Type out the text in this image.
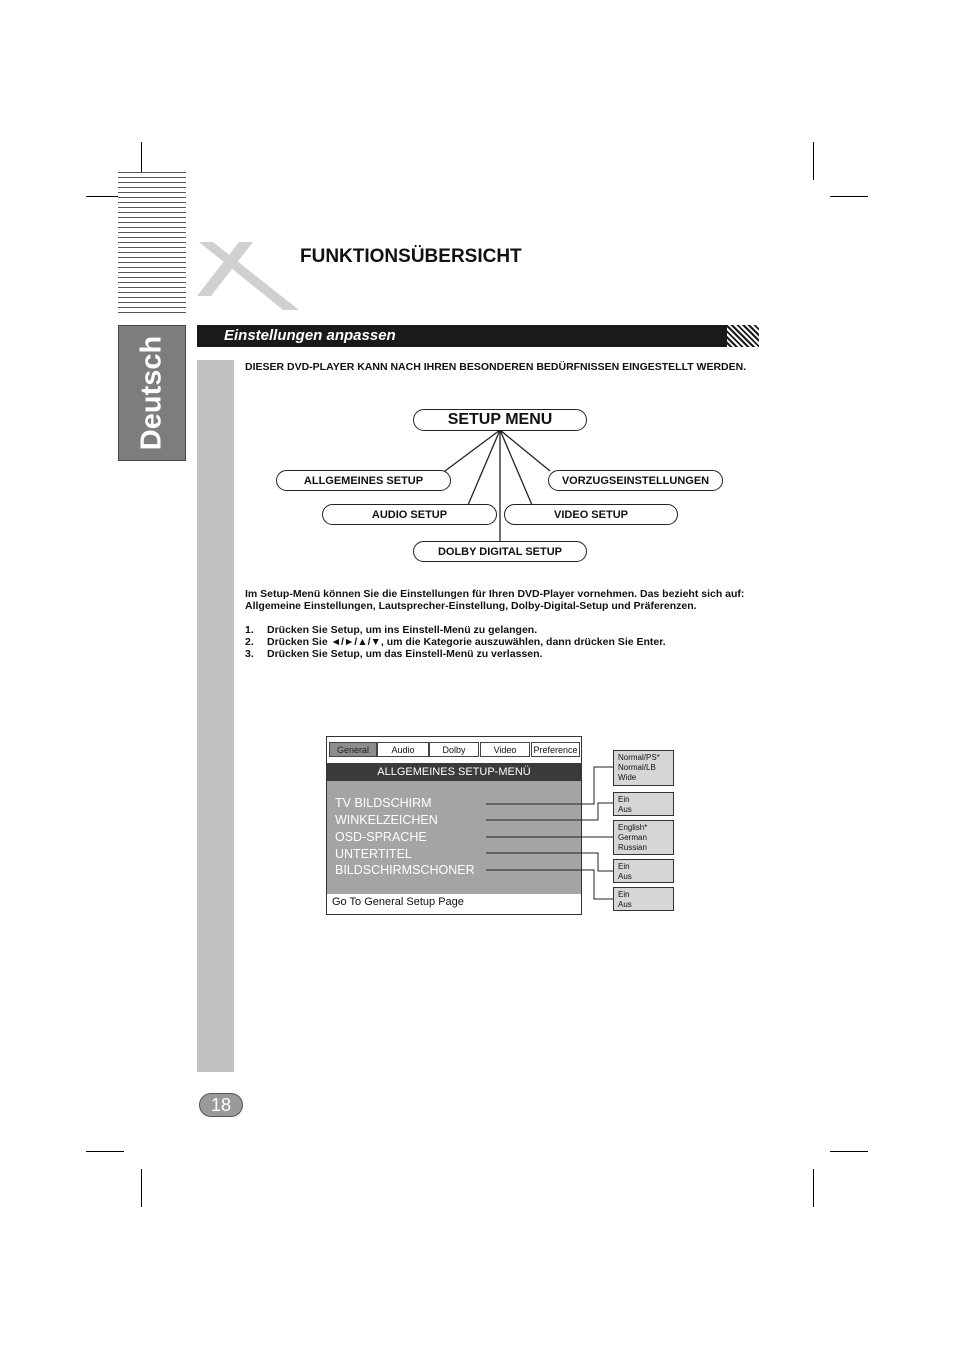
Deutsch
FUNKTIONSÜBERSICHT
Einstellungen anpassen
DIESER DVD-PLAYER KANN NACH IHREN BESONDEREN BEDÜRFNISSEN EINGESTELLT WERDEN.
SETUP MENU
ALLGEMEINES SETUP	VORZUGSEINSTELLUNGEN
AUDIO SETUP	VIDEO SETUP
DOLBY DIGITAL SETUP
Im Setup-Menü können Sie die Einstellungen für Ihren DVD-Player vornehmen. Das bezieht sich auf: Allgemeine Einstellungen, Lautsprecher-Einstellung, Dolby-Digital-Setup und Präferenzen.
1. Drücken Sie Setup, um ins Einstell-Menü zu gelangen.
2. Drücken Sie ◄/►/▲/▼, um die Kategorie auszuwählen, dann drücken Sie Enter.
3. Drücken Sie Setup, um das Einstell-Menü zu verlassen.
General	Audio	Dolby	Video	Preference
ALLGEMEINES SETUP-MENÜ
TV BILDSCHIRM
WINKELZEICHEN
OSD-SPRACHE
UNTERTITEL
BILDSCHIRMSCHONER
Go To General Setup Page
Normal/PS*
Normal/LB
Wide
Ein
Aus
English*
German
Russian
Ein
Aus
Ein
Aus
18
